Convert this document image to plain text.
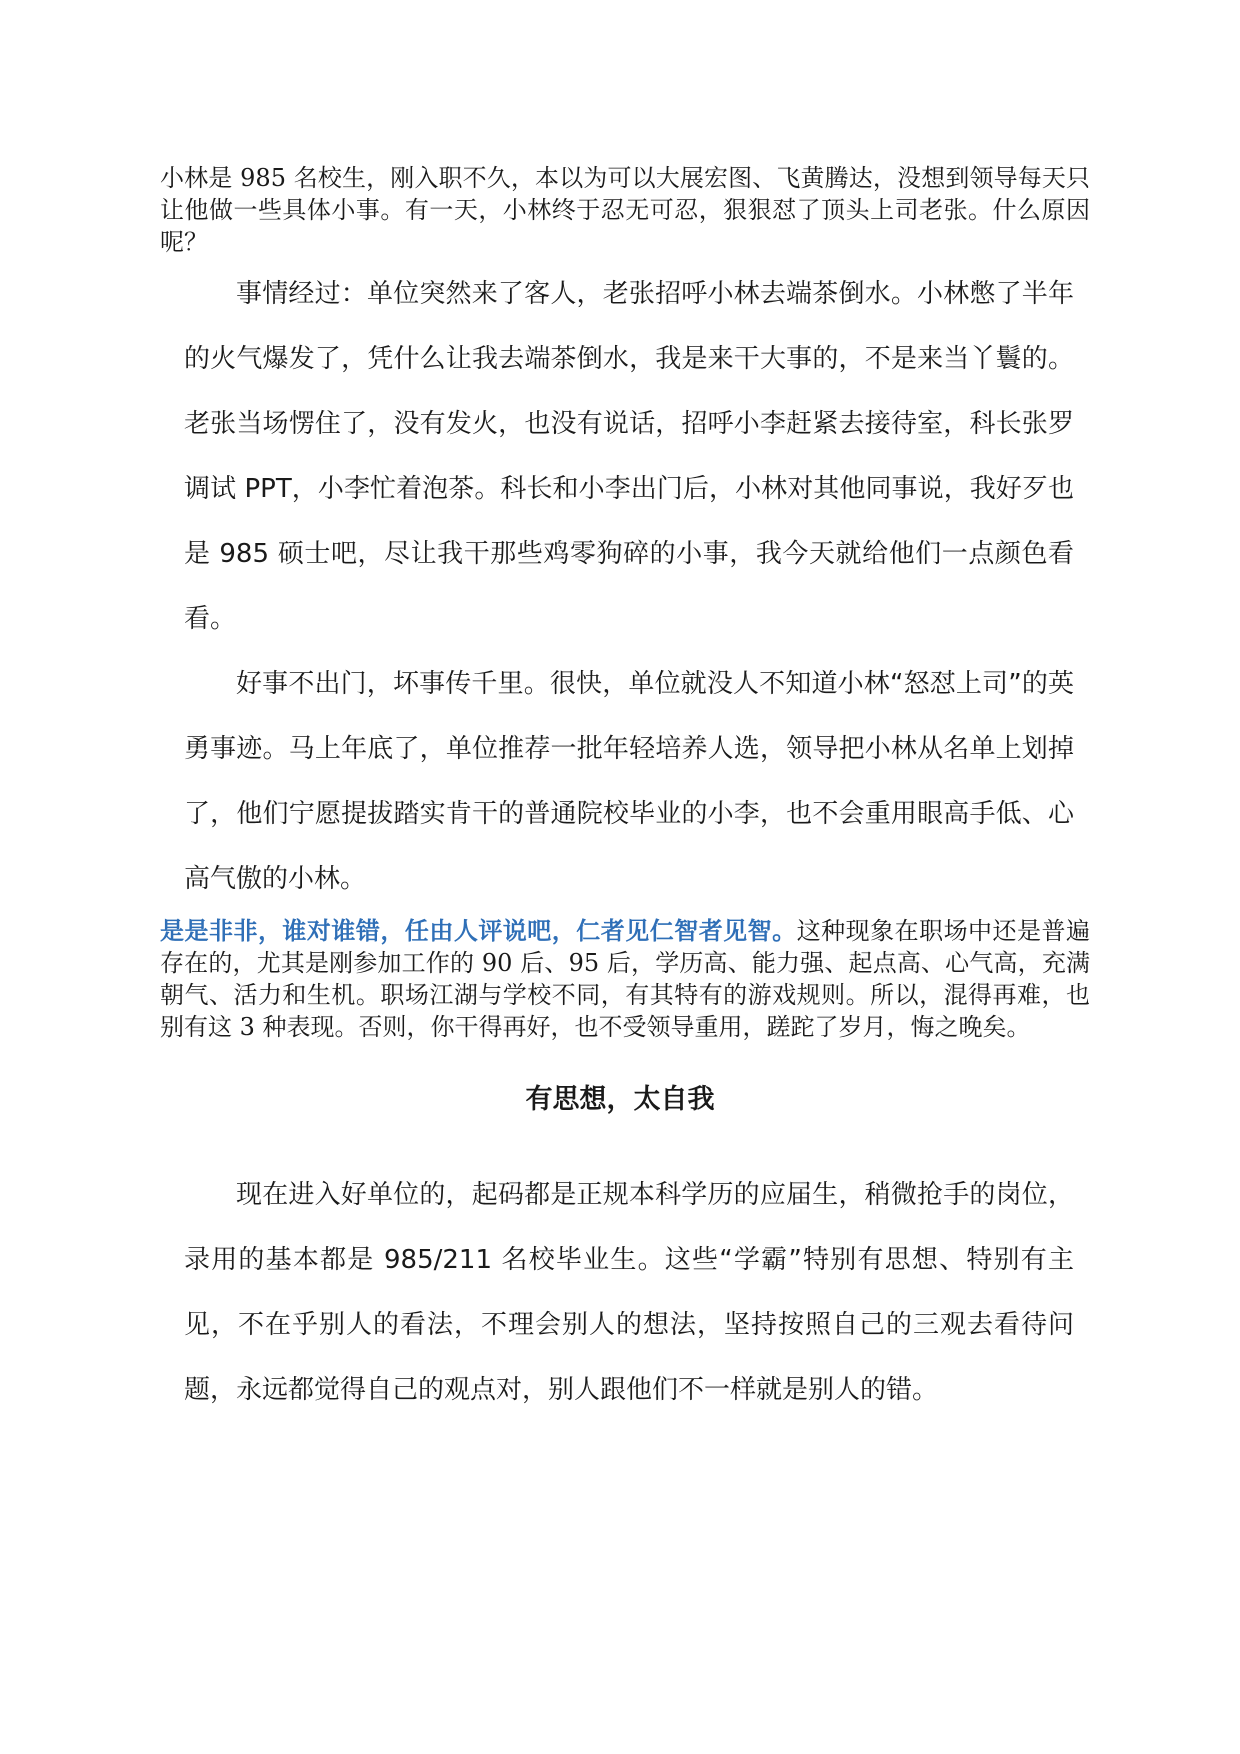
小林是 985 名校生，刚入职不久，本以为可以大展宏图、飞黄腾达，没想到领导每天只让他做一些具体小事。有一天，小林终于忍无可忍，狠狠怼了顶头上司老张。什么原因呢？

事情经过：单位突然来了客人，老张招呼小林去端茶倒水。小林憋了半年的火气爆发了，凭什么让我去端茶倒水，我是来干大事的，不是来当丫鬟的。老张当场愣住了，没有发火，也没有说话，招呼小李赶紧去接待室，科长张罗调试 PPT，小李忙着泡茶。科长和小李出门后，小林对其他同事说，我好歹也是 985 硕士吧，尽让我干那些鸡零狗碎的小事，我今天就给他们一点颜色看看。

好事不出门，坏事传千里。很快，单位就没人不知道小林“怒怼上司”的英勇事迹。马上年底了，单位推荐一批年轻培养人选，领导把小林从名单上划掉了，他们宁愿提拔踏实肯干的普通院校毕业的小李，也不会重用眼高手低、心高气傲的小林。

是是非非，谁对谁错，任由人评说吧，仁者见仁智者见智。这种现象在职场中还是普遍存在的，尤其是刚参加工作的 90 后、95 后，学历高、能力强、起点高、心气高，充满朝气、活力和生机。职场江湖与学校不同，有其特有的游戏规则。所以，混得再难，也别有这 3 种表现。否则，你干得再好，也不受领导重用，蹉跎了岁月，悔之晚矣。

有思想，太自我

现在进入好单位的，起码都是正规本科学历的应届生，稍微抢手的岗位，录用的基本都是 985/211 名校毕业生。这些“学霸”特别有思想、特别有主见，不在乎别人的看法，不理会别人的想法，坚持按照自己的三观去看待问题，永远都觉得自己的观点对，别人跟他们不一样就是别人的错。
